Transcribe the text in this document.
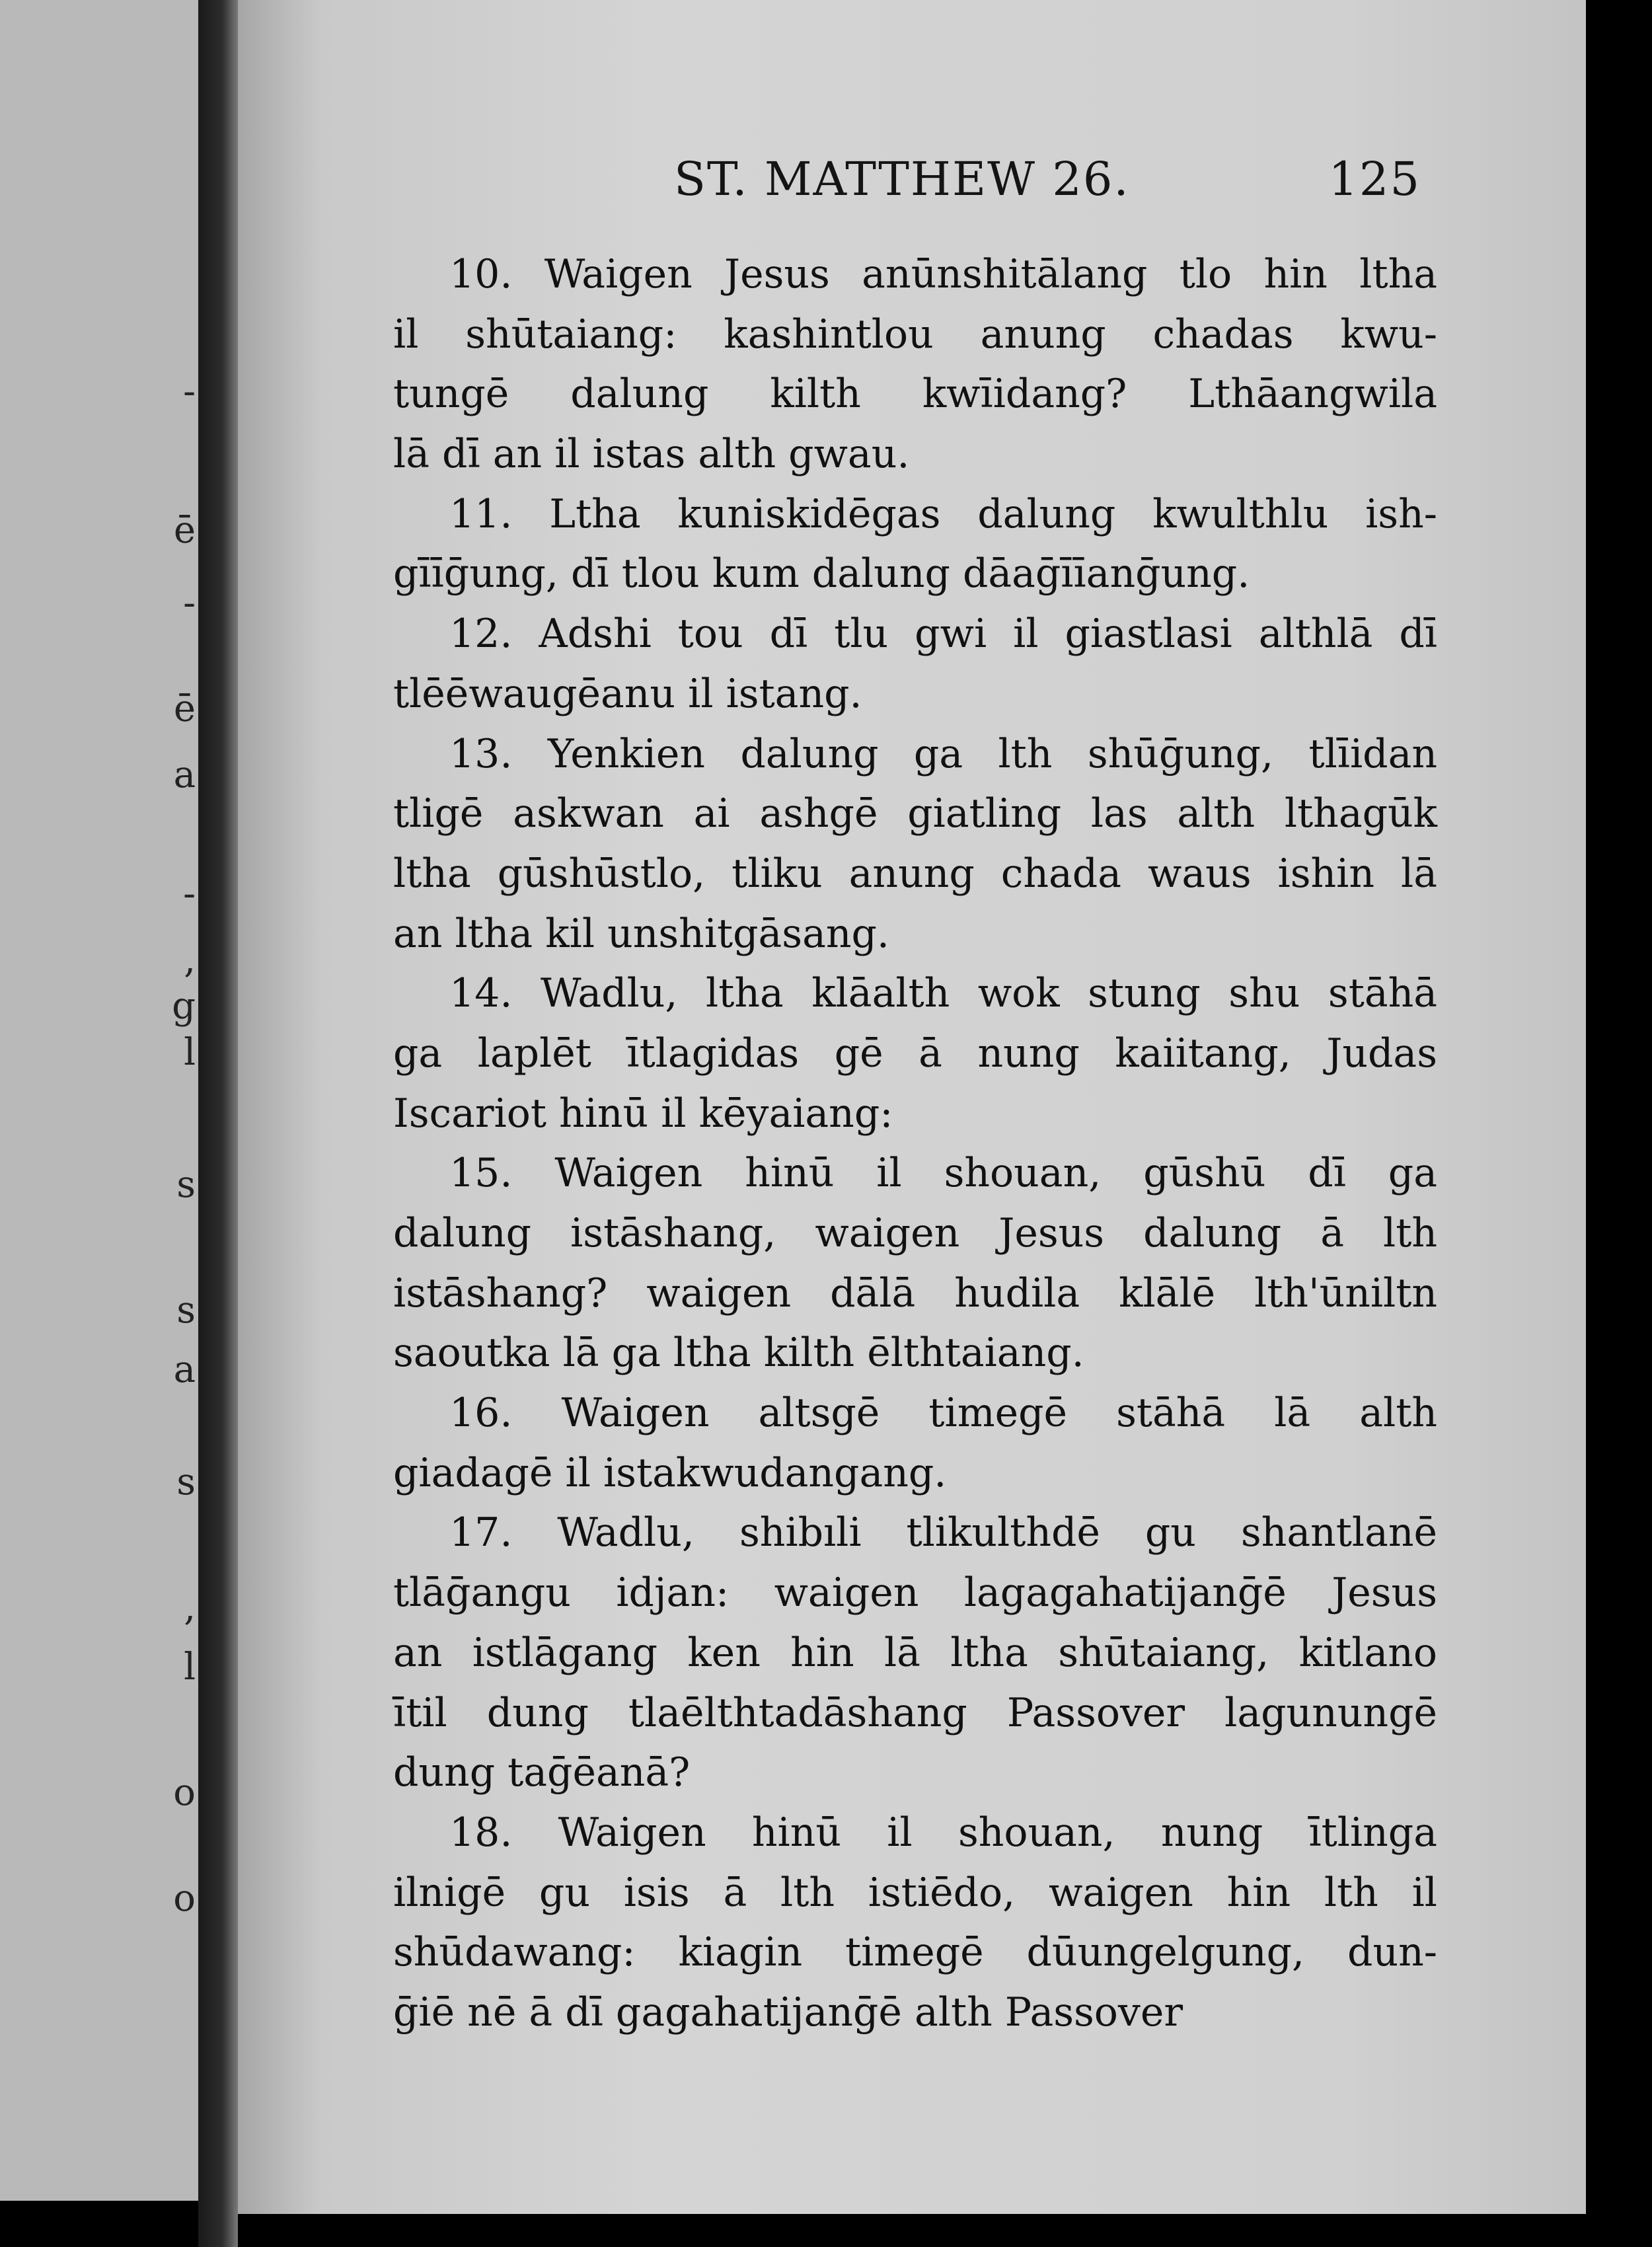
-
ē
-
ē
a
-
,
g
l
s
s
a
s
,
l
o
o
ST. MATTHEW 26.	125
10. Waigen Jesus anūnshitālang tlo hin ltha
il shūtaiang: kashintlou anung chadas kwu-
tungē dalung kilth kwīidang? Lthāangwila
lā dī an il istas alth gwau.
11. Ltha kuniskidēgas dalung kwulthlu ish-
gīīḡung, dī tlou kum dalung dāaḡīīanḡung.
12. Adshi tou dī tlu gwi il giastlasi althlā dī
tlēēwaugēanu il istang.
13. Yenkien dalung ga lth shūḡung, tlīidan
tligē askwan ai ashgē giatling las alth lthagūk
ltha gūshūstlo, tliku anung chada waus ishin lā
an ltha kil unshitgāsang.
14. Wadlu, ltha klāalth wok stung shu stāhā
ga laplēt ītlagidas gē ā nung kaiitang, Judas
Iscariot hinū il kēyaiang:
15. Waigen hinū il shouan, gūshū dī ga
dalung istāshang, waigen Jesus dalung ā lth
istāshang? waigen dālā hudila klālē lth'ūniltn
saoutka lā ga ltha kilth ēlthtaiang.
16. Waigen altsgē timegē stāhā lā alth
giadagē il istakwudangang.
17. Wadlu, shibıli tlikulthdē gu shantlanē
tlāḡangu idjan: waigen lagagahatijanḡē Jesus
an istlāgang ken hin lā ltha shūtaiang, kitlano
ītil dung tlaēlthtadāshang Passover lagunungē
dung taḡēanā?
18. Waigen hinū il shouan, nung ītlinga
ilnigē gu isis ā lth istiēdo, waigen hin lth il
shūdawang: kiagin timegē dūungelgung, dun-
ḡiē nē ā dī gagahatijanḡē alth Passover
